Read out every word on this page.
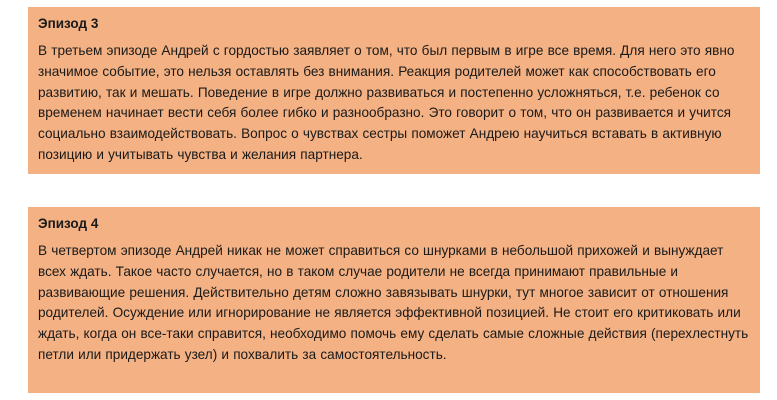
Эпизод 3

В третьем эпизоде Андрей с гордостью заявляет о том, что был первым в игре все время. Для него это явно значимое событие, это нельзя оставлять без внимания. Реакция родителей может как способствовать его развитию, так и мешать. Поведение в игре должно развиваться и постепенно усложняться, т.е. ребенок со временем начинает вести себя более гибко и разнообразно. Это говорит о том, что он развивается и учится социально взаимодействовать. Вопрос о чувствах сестры поможет Андрею научиться вставать в активную позицию и учитывать чувства и желания партнера.

Эпизод 4

В четвертом эпизоде Андрей никак не может справиться со шнурками в небольшой прихожей и вынуждает всех ждать. Такое часто случается, но в таком случае родители не всегда принимают правильные и развивающие решения. Действительно детям сложно завязывать шнурки, тут многое зависит от отношения родителей. Осуждение или игнорирование не является эффективной позицией. Не стоит его критиковать или ждать, когда он все-таки справится, необходимо помочь ему сделать самые сложные действия (перехлестнуть петли или придержать узел) и похвалить за самостоятельность.
